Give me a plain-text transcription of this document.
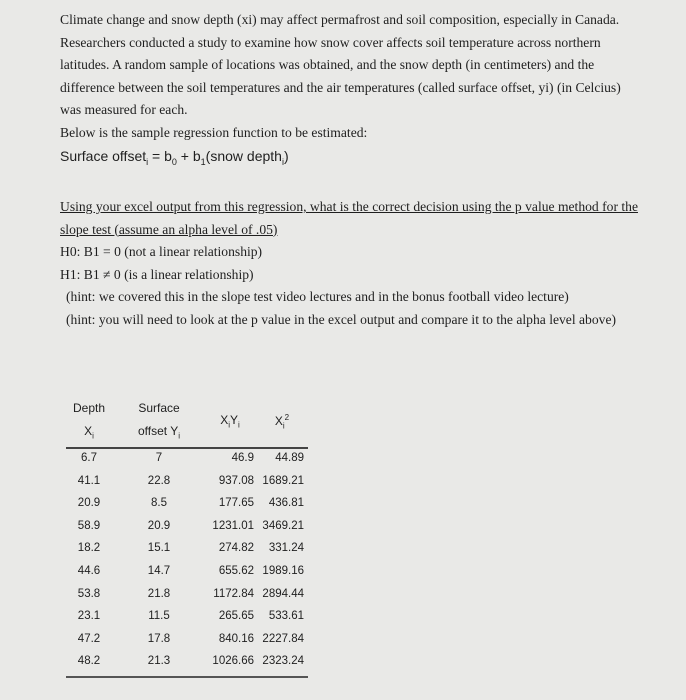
Climate change and snow depth (xi) may affect permafrost and soil composition, especially in Canada.

Researchers conducted a study to examine how snow cover affects soil temperature across northern

latitudes. A random sample of locations was obtained, and the snow depth (in centimeters) and the

difference between the soil temperatures and the air temperatures (called surface offset, yi) (in Celcius)

was measured for each.

Below is the sample regression function to be estimated:

Surface offset$_i$ = $b_0$ + $b_1(snow$ depth$_i$)

Using your excel output from this regression, what is the correct decision using the p value method for the

slope test (assume an alpha level of .05)

H0: B1 = 0 (not a linear relationship)

H1: B1 ≠ 0 (is a linear relationship)

(hint: we covered this in the slope test video lectures and in the bonus football video lecture)

(hint: you will need to look at the p value in the excel output and compare it to the alpha level above)

Depth
$X_i$
Surface
offset $Y_i$
$X_iY_i$	$X_i^2$
6.7	7	46.9	44.89
41.1	22.8	937.08 1689.21
20.9	8.5	177.65	436.81
58.9	20.9	1231.01 3469.21
18.2	15.1	274.82	331.24
44.6	14.7	655.62 1989.16
53.8	21.8	1172.84 2894.44
23.1	11.5	265.65	533.61
47.2	17.8	840.16 2227.84
48.2	21.3	1026.66 2323.24
